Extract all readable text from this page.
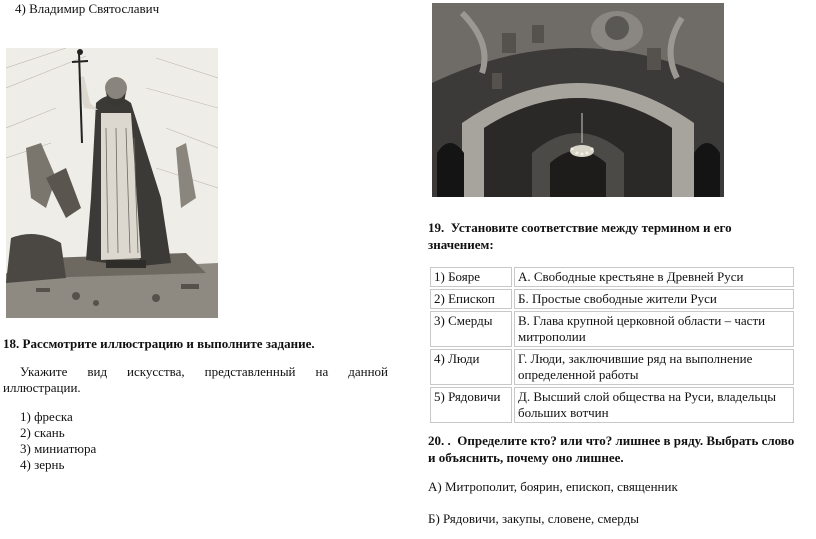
4) Владимир Святославич
18. Рассмотрите иллюстрацию и выполните задание.
Укажите вид искусства, представленный на данной
иллюстрации.
1) фреска
2) скань
3) миниатюра
4) зернь
19.  Установите соответствие между термином и его
значением:
1) Бояре	А. Свободные крестьяне в Древней Руси
2) Епископ	Б. Простые свободные жители Руси
3) Смерды	В. Глава крупной церковной области – части митрополии
4) Люди	Г. Люди, заключившие ряд на выполнение определенной работы
5) Рядовичи	Д. Высший слой общества на Руси, владельцы больших вотчин
20. .  Определите кто? или что? лишнее в ряду. Выбрать слово
и объяснить, почему оно лишнее.
А) Митрополит, боярин, епископ, священник
Б) Рядовичи, закупы, словене, смерды
